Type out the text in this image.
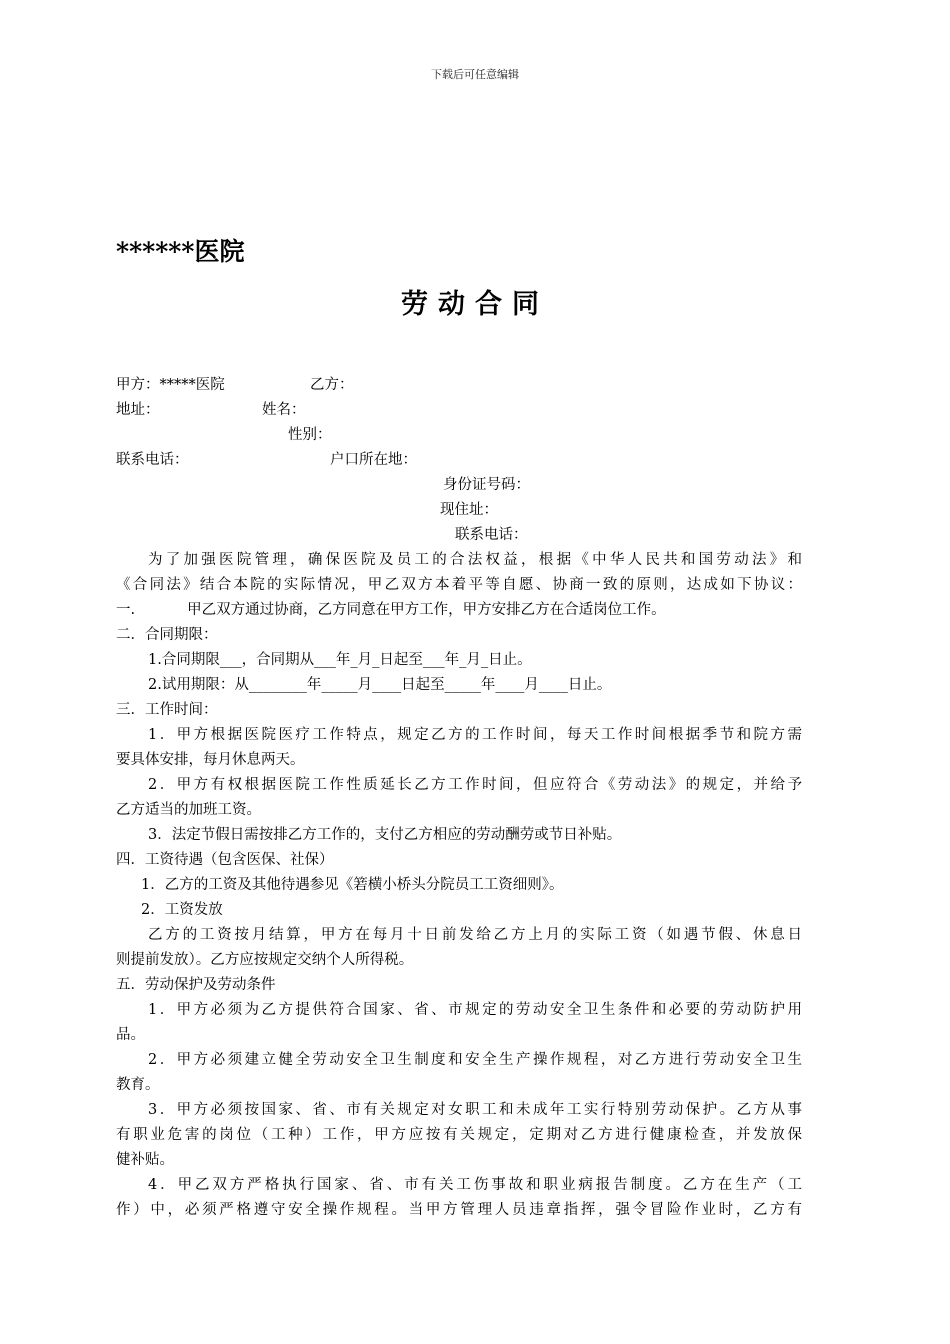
下载后可任意编辑
******医院
劳动合同
甲方：*****医院	乙方：
地址：	姓名：
性别：
联系电话：	户口所在地：
身份证号码：
现住址：
联系电话：

为了加强医院管理，确保医院及员工的合法权益，根据《中华人民共和国劳动法》和

《合同法》结合本院的实际情况，甲乙双方本着平等自愿、协商一致的原则，达成如下协议：

一.	甲乙双方通过协商，乙方同意在甲方工作，甲方安排乙方在合适岗位工作。

二．合同期限：

1.合同期限___，合同期从___年_月_日起至___年_月_日止。

2.试用期限：从________年_____月____日起至_____年____月____日止。

三．工作时间：

1．甲方根据医院医疗工作特点，规定乙方的工作时间，每天工作时间根据季节和院方需

要具体安排，每月休息两天。

2．甲方有权根据医院工作性质延长乙方工作时间，但应符合《劳动法》的规定，并给予

乙方适当的加班工资。

3．法定节假日需按排乙方工作的，支付乙方相应的劳动酬劳或节日补贴。

四．工资待遇（包含医保、社保）

1．乙方的工资及其他待遇参见《箬横小桥头分院员工工资细则》。

2．工资发放

乙方的工资按月结算，甲方在每月十日前发给乙方上月的实际工资（如遇节假、休息日

则提前发放）。乙方应按规定交纳个人所得税。

五．劳动保护及劳动条件

1．甲方必须为乙方提供符合国家、省、市规定的劳动安全卫生条件和必要的劳动防护用

品。

2．甲方必须建立健全劳动安全卫生制度和安全生产操作规程，对乙方进行劳动安全卫生

教育。

3．甲方必须按国家、省、市有关规定对女职工和未成年工实行特别劳动保护。乙方从事

有职业危害的岗位（工种）工作，甲方应按有关规定，定期对乙方进行健康检查，并发放保

健补贴。

4．甲乙双方严格执行国家、省、市有关工伤事故和职业病报告制度。乙方在生产（工

作）中，必须严格遵守安全操作规程。当甲方管理人员违章指挥，强令冒险作业时，乙方有
